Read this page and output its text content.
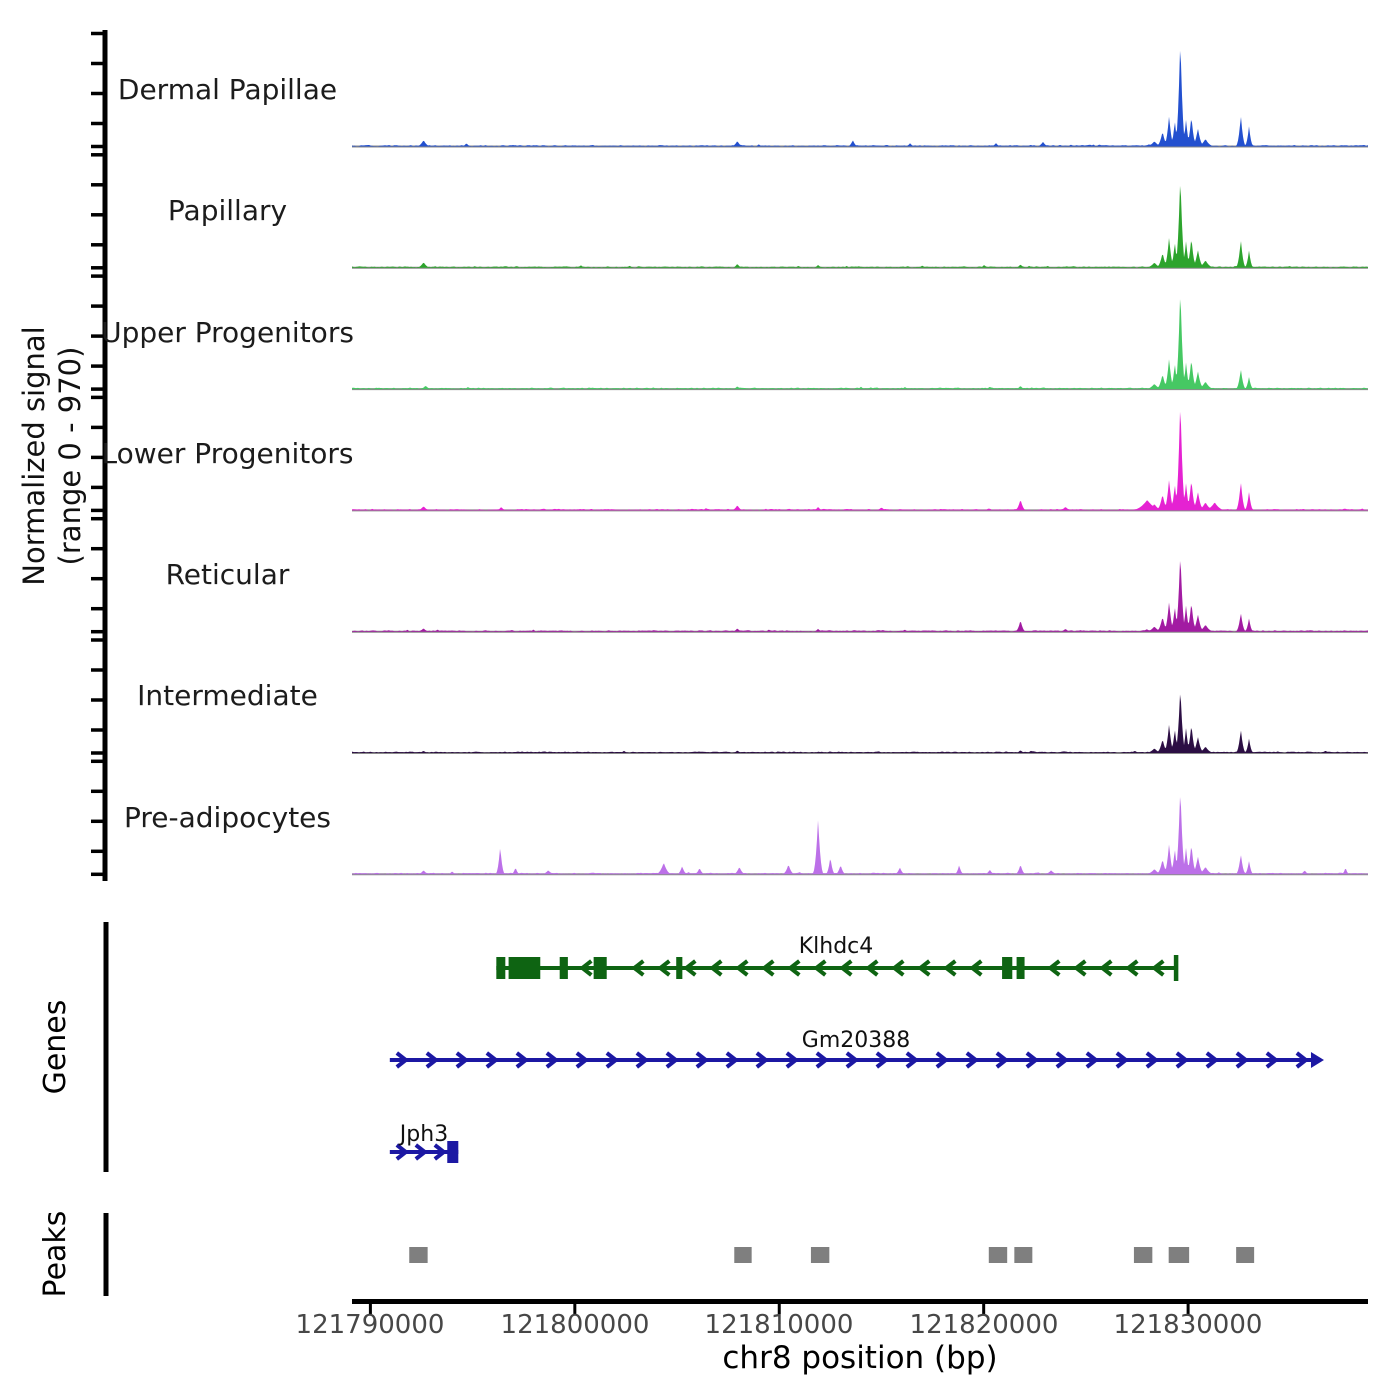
Normalized signal (range 0 - 970)
Dermal Papillae
Papillary
Upper Progenitors
Lower Progenitors
Reticular
Intermediate
Pre-adipocytes
Genes
Peaks
Klhdc4
Gm20388
Jph3
121790000	121800000	121810000	121820000	121830000
chr8 position (bp)
